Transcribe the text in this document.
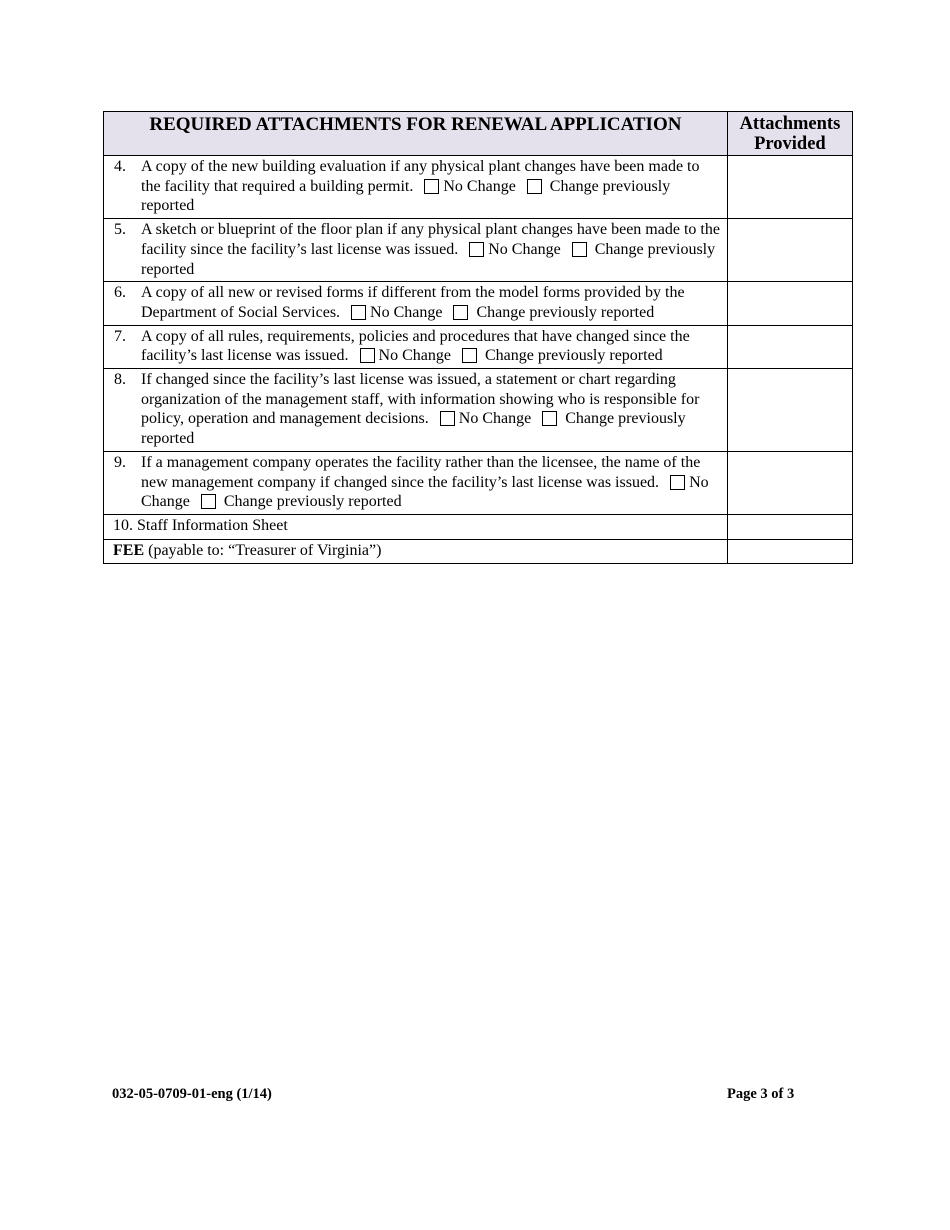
REQUIRED ATTACHMENTS FOR RENEWAL APPLICATION	Attachments Provided

4. A copy of the new building evaluation if any physical plant changes have been made to the facility that required a building permit. No Change Change previously reported	

5. A sketch or blueprint of the floor plan if any physical plant changes have been made to the facility since the facility’s last license was issued. No Change Change previously reported	

6. A copy of all new or revised forms if different from the model forms provided by the Department of Social Services. No Change Change previously reported	

7. A copy of all rules, requirements, policies and procedures that have changed since the facility’s last license was issued. No Change Change previously reported	

8. If changed since the facility’s last license was issued, a statement or chart regarding organization of the management staff, with information showing who is responsible for policy, operation and management decisions. No Change Change previously reported	

9. If a management company operates the facility rather than the licensee, the name of the new management company if changed since the facility’s last license was issued. No Change Change previously reported	

10. Staff Information Sheet	
FEE (payable to: “Treasurer of Virginia”)	
032-05-0709-01-eng (1/14)	Page 3 of 3
